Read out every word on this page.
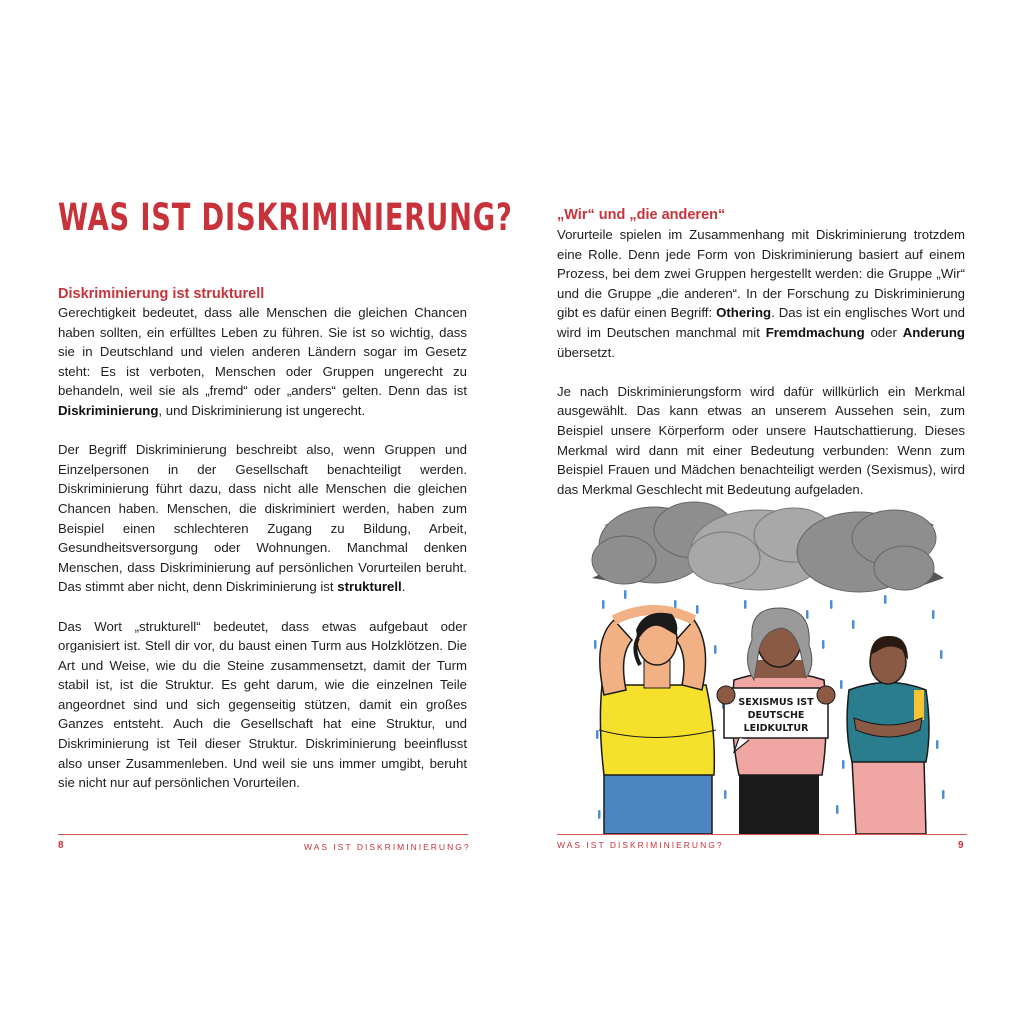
WAS IST DISKRIMINIERUNG?
Diskriminierung ist strukturell

Gerechtigkeit bedeutet, dass alle Menschen die gleichen Chancen haben sollten, ein erfülltes Leben zu führen. Sie ist so wichtig, dass sie in Deutschland und vielen anderen Ländern sogar im Gesetz steht: Es ist verboten, Menschen oder Gruppen ungerecht zu behandeln, weil sie als „fremd“ oder „anders“ gelten. Denn das ist Diskriminierung, und Diskriminierung ist ungerecht.

Der Begriff Diskriminierung beschreibt also, wenn Gruppen und Einzelpersonen in der Gesellschaft benachteiligt werden. Diskriminierung führt dazu, dass nicht alle Menschen die gleichen Chancen haben. Menschen, die diskriminiert werden, haben zum Beispiel einen schlechteren Zugang zu Bildung, Arbeit, Gesundheitsversorgung oder Wohnungen. Manchmal denken Menschen, dass Diskriminierung auf persönlichen Vorurteilen beruht. Das stimmt aber nicht, denn Diskriminierung ist strukturell.

Das Wort „strukturell“ bedeutet, dass etwas aufgebaut oder organisiert ist. Stell dir vor, du baust einen Turm aus Holzklötzen. Die Art und Weise, wie du die Steine zusammensetzt, damit der Turm stabil ist, ist die Struktur. Es geht darum, wie die einzelnen Teile angeordnet sind und sich gegenseitig stützen, damit ein großes Ganzes entsteht. Auch die Gesellschaft hat eine Struktur, und Diskriminierung ist Teil dieser Struktur. Diskriminierung beeinflusst also unser Zusammenleben. Und weil sie uns immer umgibt, beruht sie nicht nur auf persönlichen Vorurteilen.

8	WAS IST DISKRIMINIERUNG?
„Wir“ und „die anderen“

Vorurteile spielen im Zusammenhang mit Diskriminierung trotzdem eine Rolle. Denn jede Form von Diskriminierung basiert auf einem Prozess, bei dem zwei Gruppen hergestellt werden: die Gruppe „Wir“ und die Gruppe „die anderen“. In der Forschung zu Diskriminierung gibt es dafür einen Begriff: Othering. Das ist ein englisches Wort und wird im Deutschen manchmal mit Fremdmachung oder Anderung übersetzt.

Je nach Diskriminierungsform wird dafür willkürlich ein Merkmal ausgewählt. Das kann etwas an unserem Aussehen sein, zum Beispiel unsere Körperform oder unsere Hautschattierung. Dieses Merkmal wird dann mit einer Bedeutung verbunden: Wenn zum Beispiel Frauen und Mädchen benachteiligt werden (Sexismus), wird das Merkmal Geschlecht mit Bedeutung aufgeladen.

WAS IST DISKRIMINIERUNG?	9
SEXISMUS IST
DEUTSCHE
LEIDKULTUR
